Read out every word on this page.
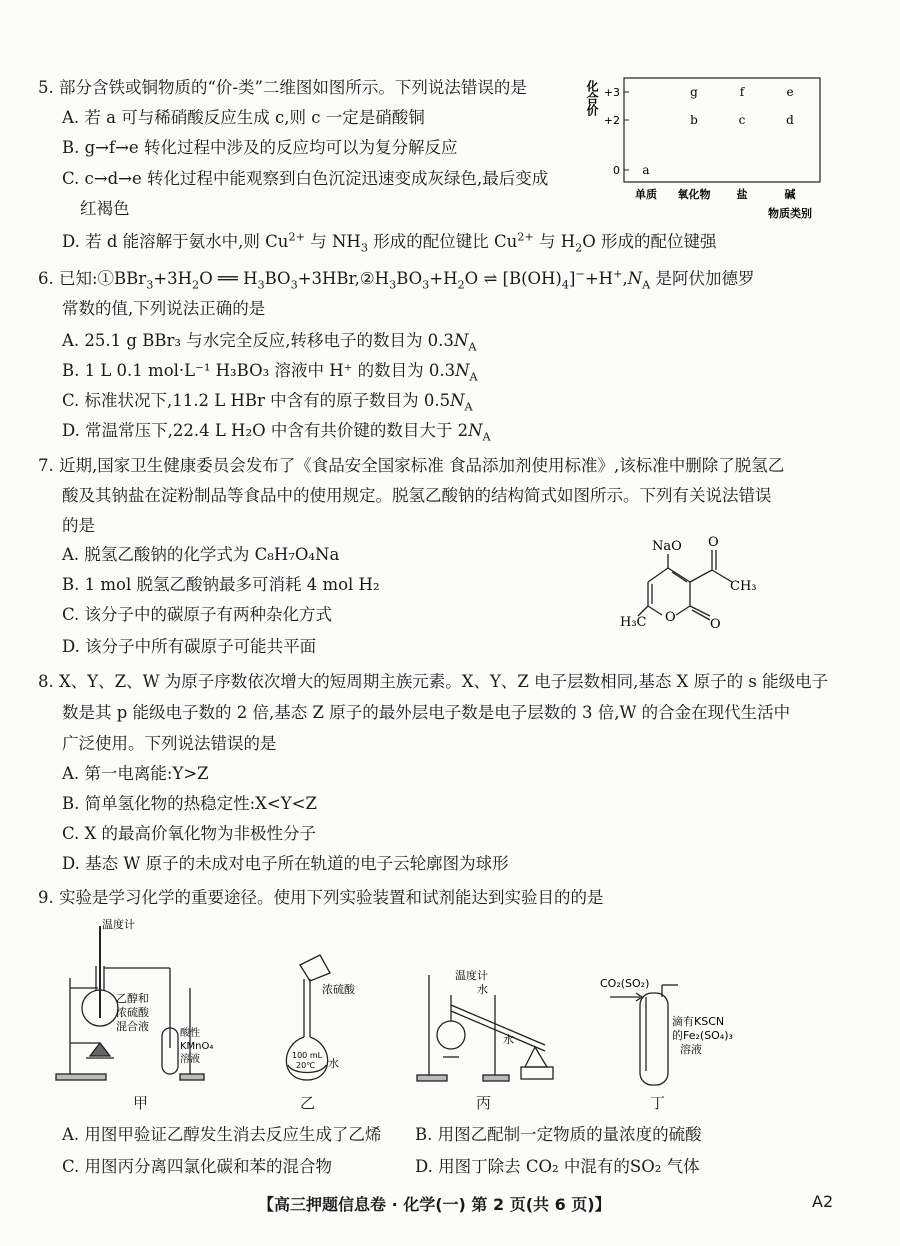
5. 部分含铁或铜物质的“价-类”二维图如图所示。下列说法错误的是
A. 若 a 可与稀硝酸反应生成 c,则 c 一定是硝酸铜
B. g→f→e 转化过程中涉及的反应均可以为复分解反应
C. c→d→e 转化过程中能观察到白色沉淀迅速变成灰绿色,最后变成
红褐色
D. 若 d 能溶解于氨水中,则 $Cu^{2+}$ 与 $NH_3$ 形成的配位键比 $Cu^{2+}$ 与 $H_2O$ 形成的配位键强
化合价
0
+2
+3
单质 氧化物 盐	碱
a
b	c	d
g	f	e
物质类别
6. 已知$:①BBr_3+3H_2O$ ══ $H_3BO_3+3HBr,②H_3BO_3+H_2O$ ⇌ $[B(OH)_4]^-+H^+,N_A$ 是阿伏加德罗
常数的值,下列说法正确的是
A. 25.1 g BBr₃ 与水完全反应,转移电子的数目为 $0.3N_A$
B. 1 L 0.1 mol·L⁻¹ H₃BO₃ 溶液中 H⁺ 的数目为 $0.3N_A$
C. 标准状况下,11.2 L HBr 中含有的原子数目为 $0.5N_A$
D. 常温常压下,22.4 L H₂O 中含有共价键的数目大于 $2N_A$
7. 近期,国家卫生健康委员会发布了《食品安全国家标准 食品添加剂使用标准》,该标准中删除了脱氢乙
酸及其钠盐在淀粉制品等食品中的使用规定。脱氢乙酸钠的结构简式如图所示。下列有关说法错误
的是
A. 脱氢乙酸钠的化学式为 C₈H₇O₄Na
B. 1 mol 脱氢乙酸钠最多可消耗 4 mol H₂
C. 该分子中的碳原子有两种杂化方式
D. 该分子中所有碳原子可能共平面
NaO O
CH₃
H₃C O	O
8. X、Y、Z、W 为原子序数依次增大的短周期主族元素。X、Y、Z 电子层数相同,基态 X 原子的 s 能级电子
数是其 p 能级电子数的 2 倍,基态 Z 原子的最外层电子数是电子层数的 3 倍,W 的合金在现代生活中
广泛使用。下列说法错误的是
A. 第一电离能:Y>Z
B. 简单氢化物的热稳定性:X<Y<Z
C. X 的最高价氧化物为非极性分子
D. 基态 W 原子的未成对电子所在轨道的电子云轮廓图为球形
9. 实验是学习化学的重要途径。使用下列实验装置和试剂能达到实验目的的是
温度计
乙醇和
浓硫酸
混合液
酸性
KMnO₄
溶液
浓硫酸
100 mL
20℃ 水
温度计
水
水
CO₂(SO₂)
滴有KSCN
的Fe₂(SO₄)₃
溶液
甲	乙	丙	丁
A. 用图甲验证乙醇发生消去反应生成了乙烯 B. 用图乙配制一定物质的量浓度的硫酸
C. 用图丙分离四氯化碳和苯的混合物	D. 用图丁除去 CO₂ 中混有的SO₂ 气体
【高三押题信息卷 · 化学(一) 第 2 页(共 6 页)】	A2
